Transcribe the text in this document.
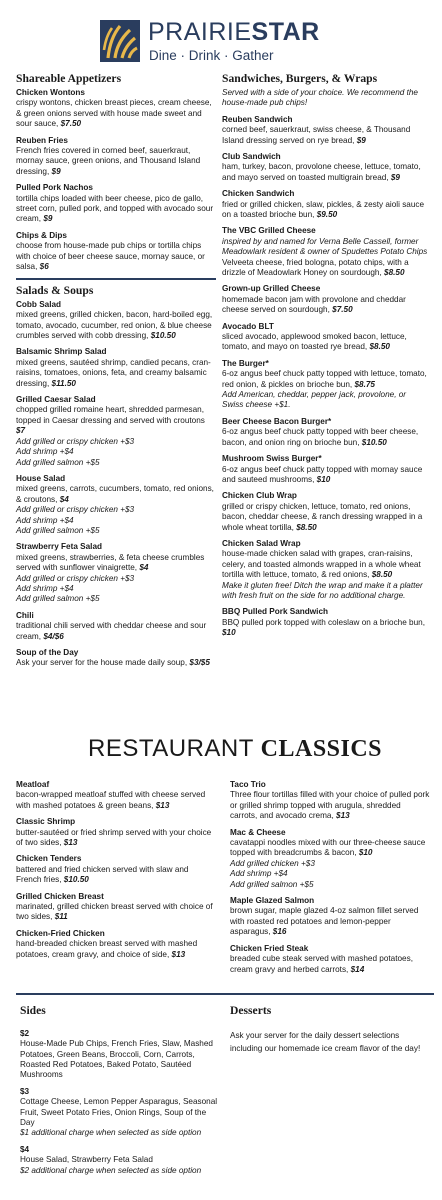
PRAIRIESTAR
Dine · Drink · Gather
Shareable Appetizers
Chicken Wontons
crispy wontons, chicken breast pieces, cream cheese, & green onions served with house made sweet and sour sauce, $7.50
Reuben Fries
French fries covered in corned beef, sauerkraut, mornay sauce, green onions, and Thousand Island dressing, $9
Pulled Pork Nachos
tortilla chips loaded with beer cheese, pico de gallo, street corn, pulled pork, and topped with avocado sour cream, $9
Chips & Dips
choose from house-made pub chips or tortilla chips with choice of beer cheese sauce, mornay sauce, or salsa, $6
Salads & Soups
Cobb Salad
mixed greens, grilled chicken, bacon, hard-boiled egg, tomato, avocado, cucumber, red onion, & blue cheese crumbles served with cobb dressing, $10.50
Balsamic Shrimp Salad
mixed greens, sautéed shrimp, candied pecans, cran-raisins, tomatoes, onions, feta, and creamy balsamic dressing, $11.50
Grilled Caesar Salad
chopped grilled romaine heart, shredded parmesan, topped in Caesar dressing and served with croutons $7
Add grilled or crispy chicken +$3
Add shrimp +$4
Add grilled salmon +$5
House Salad
mixed greens, carrots, cucumbers, tomato, red onions, & croutons, $4
Add grilled or crispy chicken +$3
Add shrimp +$4
Add grilled salmon +$5
Strawberry Feta Salad
mixed greens, strawberries, & feta cheese crumbles served with sunflower vinaigrette, $4
Add grilled or crispy chicken +$3
Add shrimp +$4
Add grilled salmon +$5
Chili
traditional chili served with cheddar cheese and sour cream, $4/$6
Soup of the Day
Ask your server for the house made daily soup, $3/$5
Sandwiches, Burgers, & Wraps
Served with a side of your choice. We recommend the house-made pub chips!
Reuben Sandwich
corned beef, sauerkraut, swiss cheese, & Thousand Island dressing served on rye bread, $9
Club Sandwich
ham, turkey, bacon, provolone cheese, lettuce, tomato, and mayo served on toasted multigrain bread, $9
Chicken Sandwich
fried or grilled chicken, slaw, pickles, & zesty aioli sauce on a toasted brioche bun, $9.50
The VBC Grilled Cheese
inspired by and named for Verna Belle Cassell, former Meadowlark resident & owner of Spudettes Potato Chips
Velveeta cheese, fried bologna, potato chips, with a drizzle of Meadowlark Honey on sourdough, $8.50
Grown-up Grilled Cheese
homemade bacon jam with provolone and cheddar cheese served on sourdough, $7.50
Avocado BLT
sliced avocado, applewood smoked bacon, lettuce, tomato, and mayo on toasted rye bread, $8.50
The Burger*
6-oz angus beef chuck patty topped with lettuce, tomato, red onion, & pickles on brioche bun, $8.75
Add American, cheddar, pepper jack, provolone, or Swiss cheese +$1.
Beer Cheese Bacon Burger*
6-oz angus beef chuck patty topped with beer cheese, bacon, and onion ring on brioche bun, $10.50
Mushroom Swiss Burger*
6-oz angus beef chuck patty topped with mornay sauce and sauteed mushrooms, $10
Chicken Club Wrap
grilled or crispy chicken, lettuce, tomato, red onions, bacon, cheddar cheese, & ranch dressing wrapped in a whole wheat tortilla, $8.50
Chicken Salad Wrap
house-made chicken salad with grapes, cran-raisins, celery, and toasted almonds wrapped in a whole wheat tortilla with lettuce, tomato, & red onions, $8.50
Make it gluten free! Ditch the wrap and make it a platter with fresh fruit on the side for no additional charge.
BBQ Pulled Pork Sandwich
BBQ pulled pork topped with coleslaw on a brioche bun, $10
RESTAURANT CLASSICS
Meatloaf
bacon-wrapped meatloaf stuffed with cheese served with mashed potatoes & green beans, $13
Classic Shrimp
butter-sautéed or fried shrimp served with your choice of two sides, $13
Chicken Tenders
battered and fried chicken served with slaw and French fries, $10.50
Grilled Chicken Breast
marinated, grilled chicken breast served with choice of two sides, $11
Chicken-Fried Chicken
hand-breaded chicken breast served with mashed potatoes, cream gravy, and choice of side, $13
Taco Trio
Three flour tortillas filled with your choice of pulled pork or grilled shrimp topped with arugula, shredded carrots, and avocado crema, $13
Mac & Cheese
cavatappi noodles mixed with our three-cheese sauce topped with breadcrumbs & bacon, $10
Add grilled chicken +$3
Add shrimp +$4
Add grilled salmon +$5
Maple Glazed Salmon
brown sugar, maple glazed 4-oz salmon fillet served with roasted red potatoes and lemon-pepper asparagus, $16
Chicken Fried Steak
breaded cube steak served with mashed potatoes, cream gravy and herbed carrots, $14
Sides
$2
House-Made Pub Chips, French Fries, Slaw, Mashed Potatoes, Green Beans, Broccoli, Corn, Carrots, Roasted Red Potatoes, Baked Potato, Sautéed Mushrooms
$3
Cottage Cheese, Lemon Pepper Asparagus, Seasonal Fruit, Sweet Potato Fries, Onion Rings, Soup of the Day
$1 additional charge when selected as side option
$4
House Salad, Strawberry Feta Salad
$2 additional charge when selected as side option
Desserts
Ask your server for the daily dessert selections including our homemade ice cream flavor of the day!
